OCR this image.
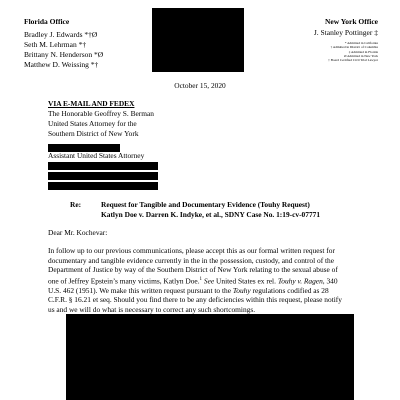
Florida Office
Bradley J. Edwards *†Ø
Seth M. Lehrman *†
Brittany N. Henderson *Ø
Matthew D. Weissing *†
New York Office
J. Stanley Pottinger ‡
* Admitted in California
† Admitted in District of Columbia
‡ Admitted in Florida
Ø Admitted in New York
† Board Certified Civil Trial Lawyer
October 15, 2020
VIA E-MAIL AND FEDEX
The Honorable Geoffrey S. Berman
United States Attorney for the
Southern District of New York
Assistant United States Attorney
Re:	Request for Tangible and Documentary Evidence (Touhy Request)
Katlyn Doe v. Darren K. Indyke, et al., SDNY Case No. 1:19-cv-07771
Dear Mr. Kochevar:
In follow up to our previous communications, please accept this as our formal written request for
documentary and tangible evidence currently in the in the possession, custody, and control of the
Department of Justice by way of the Southern District of New York relating to the sexual abuse of
one of Jeffrey Epstein’s many victims, Katlyn Doe.$^1$ See United States ex rel. Touhy v. Ragen, 340
U.S. 462 (1951). We make this written request pursuant to the Touhy regulations codified as 28
C.F.R. § 16.21 et seq. Should you find there to be any deficiencies within this request, please notify
us and we will do what is necessary to correct any such shortcomings.
